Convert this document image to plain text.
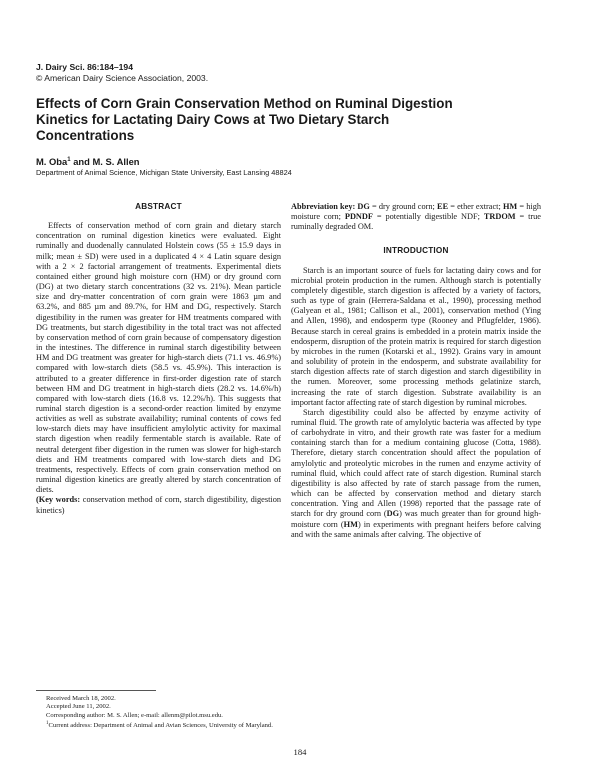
J. Dairy Sci. 86:184–194
© American Dairy Science Association, 2003.
Effects of Corn Grain Conservation Method on Ruminal Digestion Kinetics for Lactating Dairy Cows at Two Dietary Starch Concentrations
M. Oba$^1$ and M. S. Allen
Department of Animal Science, Michigan State University, East Lansing 48824
ABSTRACT

Effects of conservation method of corn grain and dietary starch concentration on ruminal digestion kinetics were evaluated. Eight ruminally and duodenally cannulated Holstein cows (55 ± 15.9 days in milk; mean ± SD) were used in a duplicated 4 × 4 Latin square design with a 2 × 2 factorial arrangement of treatments. Experimental diets contained either ground high moisture corn (HM) or dry ground corn (DG) at two dietary starch concentrations (32 vs. 21%). Mean particle size and dry-matter concentration of corn grain were 1863 µm and 63.2%, and 885 µm and 89.7%, for HM and DG, respectively. Starch digestibility in the rumen was greater for HM treatments compared with DG treatments, but starch digestibility in the total tract was not affected by conservation method of corn grain because of compensatory digestion in the intestines. The difference in ruminal starch digestibility between HM and DG treatment was greater for high-starch diets (71.1 vs. 46.9%) compared with low-starch diets (58.5 vs. 45.9%). This interaction is attributed to a greater difference in first-order digestion rate of starch between HM and DG treatment in high-starch diets (28.2 vs. 14.6%/h) compared with low-starch diets (16.8 vs. 12.2%/h). This suggests that ruminal starch digestion is a second-order reaction limited by enzyme activities as well as substrate availability; ruminal contents of cows fed low-starch diets may have insufficient amylolytic activity for maximal starch digestion when readily fermentable starch is available. Rate of neutral detergent fiber digestion in the rumen was slower for high-starch diets and HM treatments compared with low-starch diets and DG treatments, respectively. Effects of corn grain conservation method on ruminal digestion kinetics are greatly altered by starch concentration of diets.

(Key words: conservation method of corn, starch digestibility, digestion kinetics)

Received March 18, 2002.
Accepted June 11, 2002.
Corresponding author: M. S. Allen; e-mail: allenm@pilot.msu.edu.
$^1$Current address: Department of Animal and Avian Sciences, University of Maryland.

Abbreviation key: DG = dry ground corn; EE = ether extract; HM = high moisture corn; PDNDF = potentially digestible NDF; TRDOM = true ruminally degraded OM.

INTRODUCTION

Starch is an important source of fuels for lactating dairy cows and for microbial protein production in the rumen. Although starch is potentially completely digestible, starch digestion is affected by a variety of factors, such as type of grain (Herrera-Saldana et al., 1990), processing method (Galyean et al., 1981; Callison et al., 2001), conservation method (Ying and Allen, 1998), and endosperm type (Rooney and Pflugfelder, 1986). Because starch in cereal grains is embedded in a protein matrix inside the endosperm, disruption of the protein matrix is required for starch digestion by microbes in the rumen (Kotarski et al., 1992). Grains vary in amount and solubility of protein in the endosperm, and substrate availability for starch digestion affects rate of starch digestion and starch digestibility in the rumen. Moreover, some processing methods gelatinize starch, increasing the rate of starch digestion. Substrate availability is an important factor affecting rate of starch digestion by ruminal microbes.

Starch digestibility could also be affected by enzyme activity of ruminal fluid. The growth rate of amylolytic bacteria was affected by type of carbohydrate in vitro, and their growth rate was faster for a medium containing starch than for a medium containing glucose (Cotta, 1988). Therefore, dietary starch concentration should affect the population of amylolytic and proteolytic microbes in the rumen and enzyme activity of ruminal fluid, which could affect rate of starch digestion. Ruminal starch digestibility is also affected by rate of starch passage from the rumen, which can be affected by conservation method and dietary starch concentration. Ying and Allen (1998) reported that the passage rate of starch for dry ground corn (DG) was much greater than for ground high-moisture corn (HM) in experiments with pregnant heifers before calving and with the same animals after calving. The objective of

184
